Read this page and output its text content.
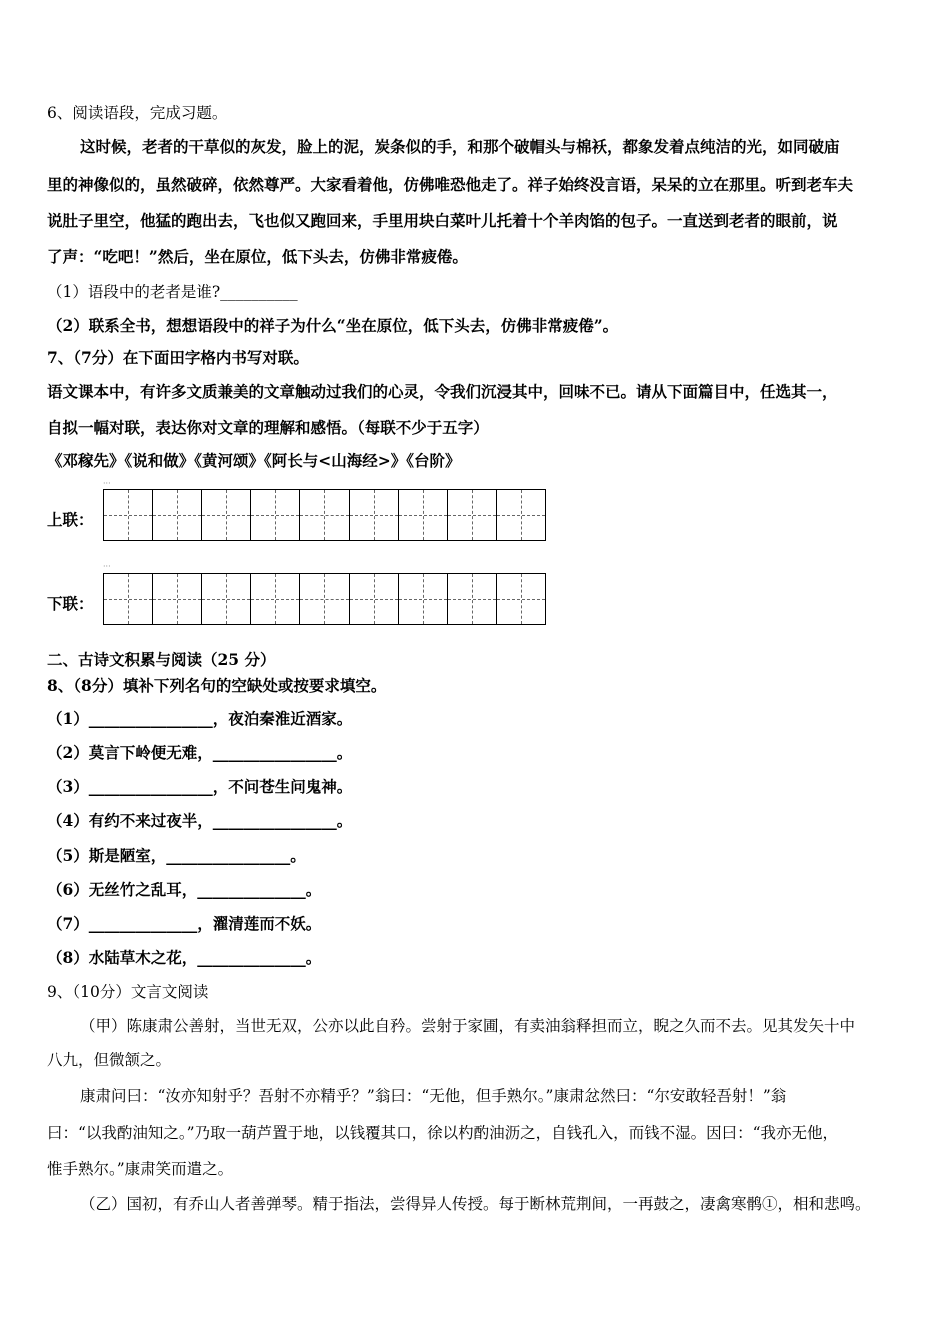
6、阅读语段，完成习题。
这时候，老者的干草似的灰发，脸上的泥，炭条似的手，和那个破帽头与棉袄，都象发着点纯洁的光，如同破庙
里的神像似的，虽然破碎，依然尊严。大家看着他，仿佛唯恐他走了。祥子始终没言语，呆呆的立在那里。听到老车夫
说肚子里空，他猛的跑出去，飞也似又跑回来，手里用块白菜叶儿托着十个羊肉馅的包子。一直送到老者的眼前，说
了声：“吃吧！”然后，坐在原位，低下头去，仿佛非常疲倦。
（1）语段中的老者是谁?__________
（2）联系全书，想想语段中的祥子为什么“坐在原位，低下头去，仿佛非常疲倦”。
7、（7分）在下面田字格内书写对联。
语文课本中，有许多文质兼美的文章触动过我们的心灵，令我们沉浸其中，回味不已。请从下面篇目中，任选其一，
自拟一幅对联，表达你对文章的理解和感悟。（每联不少于五字）
《邓稼先》《说和做》《黄河颂》《阿长与<山海经>》《台阶》
···
上联：
···
下联：
二、古诗文积累与阅读（25 分）
8、（8分）填补下列名句的空缺处或按要求填空。
（1）________________，夜泊秦淮近酒家。
（2）莫言下岭便无难，________________。
（3）________________，不问苍生问鬼神。
（4）有约不来过夜半，________________。
（5）斯是陋室，________________。
（6）无丝竹之乱耳，______________。
（7）______________，濯清莲而不妖。
（8）水陆草木之花，______________。
9、（10分）文言文阅读
（甲）陈康肃公善射，当世无双，公亦以此自矜。尝射于家圃，有卖油翁释担而立，睨之久而不去。见其发矢十中
八九，但微颔之。
康肃问曰：“汝亦知射乎？吾射不亦精乎？”翁曰：“无他，但手熟尔。”康肃忿然曰：“尔安敢轻吾射！”翁
曰：“以我酌油知之。”乃取一葫芦置于地，以钱覆其口，徐以杓酌油沥之，自钱孔入，而钱不湿。因曰：“我亦无他，
惟手熟尔。”康肃笑而遣之。
（乙）国初，有乔山人者善弹琴。精于指法，尝得异人传授。每于断林荒荆间，一再鼓之，凄禽寒鹘①，相和悲鸣。
